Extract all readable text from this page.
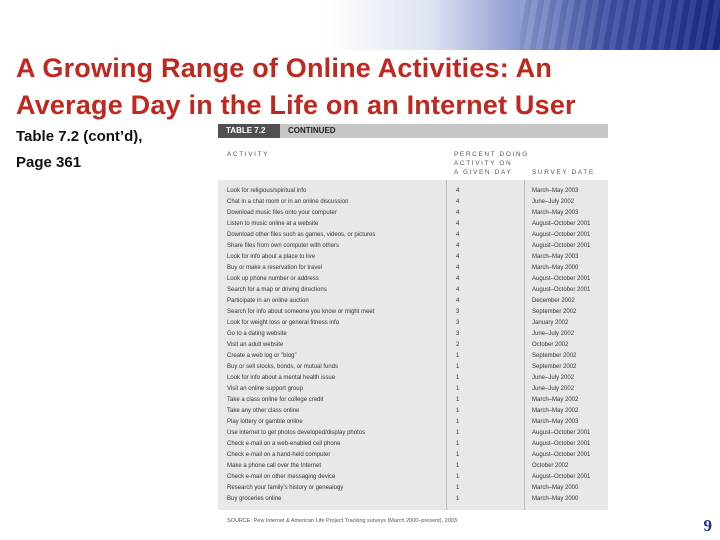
A Growing Range of Online Activities: An
Average Day in the Life on an Internet User
Table 7.2 (cont’d),
Page 361
TABLE 7.2	CONTINUED
ACTIVITY	PERCENT DOING
ACTIVITY ON
A GIVEN DAY	SURVEY DATE
Look for religious/spiritual info	4	March–May 2003
Chat in a chat room or in an online discussion	4	June–July 2002
Download music files onto your computer	4	March–May 2003
Listen to music online at a website	4	August–October 2001
Download other files such as games, videos, or pictures	4	August–October 2001
Share files from own computer with others	4	August–October 2001
Look for info about a place to live	4	March–May 2003
Buy or make a reservation for travel	4	March–May 2000
Look up phone number or address	4	August–October 2001
Search for a map or driving directions	4	August–October 2001
Participate in an online auction	4	December 2002
Search for info about someone you know or might meet	3	September 2002
Look for weight loss or general fitness info	3	January 2002
Go to a dating website	3	June–July 2002
Visit an adult website	2	October 2002
Create a web log or "blog"	1	September 2002
Buy or sell stocks, bonds, or mutual funds	1	September 2002
Look for info about a mental health issue	1	June–July 2002
Visit an online support group	1	June–July 2002
Take a class online for college credit	1	March–May 2002
Take any other class online	1	March–May 2002
Play lottery or gamble online	1	March–May 2003
Use internet to get photos developed/display photos	1	August–October 2001
Check e-mail on a web-enabled cell phone	1	August–October 2001
Check e-mail on a hand-held computer	1	August–October 2001
Make a phone call over the Internet	1	October 2002
Check e-mail on other messaging device	1	August–October 2001
Research your family’s history or genealogy	1	March–May 2000
Buy groceries online	1	March–May 2000
SOURCE: Pew Internet & American Life Project Tracking surveys (March 2000–present), 2003.	9
